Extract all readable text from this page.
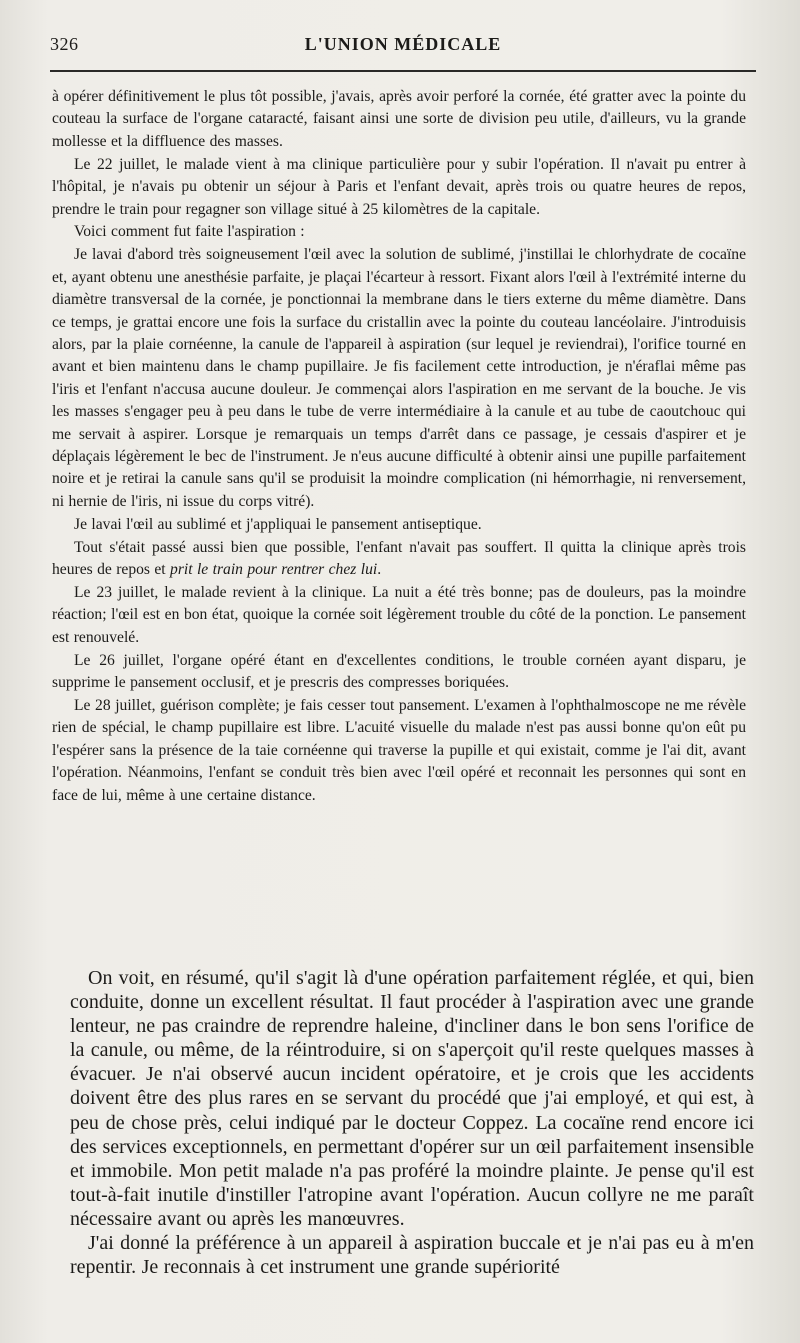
326	L'UNION MÉDICALE

à opérer définitivement le plus tôt possible, j'avais, après avoir perforé la cornée, été gratter avec la pointe du couteau la surface de l'organe cataracté, faisant ainsi une sorte de division peu utile, d'ailleurs, vu la grande mollesse et la diffluence des masses.

Le 22 juillet, le malade vient à ma clinique particulière pour y subir l'opération. Il n'avait pu entrer à l'hôpital, je n'avais pu obtenir un séjour à Paris et l'enfant devait, après trois ou quatre heures de repos, prendre le train pour regagner son village situé à 25 kilomètres de la capitale.

Voici comment fut faite l'aspiration :

Je lavai d'abord très soigneusement l'œil avec la solution de sublimé, j'instillai le chlorhydrate de cocaïne et, ayant obtenu une anesthésie parfaite, je plaçai l'écarteur à ressort. Fixant alors l'œil à l'extrémité interne du diamètre transversal de la cornée, je ponctionnai la membrane dans le tiers externe du même diamètre. Dans ce temps, je grattai encore une fois la surface du cristallin avec la pointe du couteau lancéolaire. J'introduisis alors, par la plaie cornéenne, la canule de l'appareil à aspiration (sur lequel je reviendrai), l'orifice tourné en avant et bien maintenu dans le champ pupillaire. Je fis facilement cette introduction, je n'éraflai même pas l'iris et l'enfant n'accusa aucune douleur. Je commençai alors l'aspiration en me servant de la bouche. Je vis les masses s'engager peu à peu dans le tube de verre intermédiaire à la canule et au tube de caoutchouc qui me servait à aspirer. Lorsque je remarquais un temps d'arrêt dans ce passage, je cessais d'aspirer et je déplaçais légèrement le bec de l'instrument. Je n'eus aucune difficulté à obtenir ainsi une pupille parfaitement noire et je retirai la canule sans qu'il se produisit la moindre complication (ni hémorrhagie, ni renversement, ni hernie de l'iris, ni issue du corps vitré).

Je lavai l'œil au sublimé et j'appliquai le pansement antiseptique.

Tout s'était passé aussi bien que possible, l'enfant n'avait pas souffert. Il quitta la clinique après trois heures de repos et prit le train pour rentrer chez lui.

Le 23 juillet, le malade revient à la clinique. La nuit a été très bonne; pas de douleurs, pas la moindre réaction; l'œil est en bon état, quoique la cornée soit légèrement trouble du côté de la ponction. Le pansement est renouvelé.

Le 26 juillet, l'organe opéré étant en d'excellentes conditions, le trouble cornéen ayant disparu, je supprime le pansement occlusif, et je prescris des compresses boriquées.

Le 28 juillet, guérison complète; je fais cesser tout pansement. L'examen à l'ophthalmoscope ne me révèle rien de spécial, le champ pupillaire est libre. L'acuité visuelle du malade n'est pas aussi bonne qu'on eût pu l'espérer sans la présence de la taie cornéenne qui traverse la pupille et qui existait, comme je l'ai dit, avant l'opération. Néanmoins, l'enfant se conduit très bien avec l'œil opéré et reconnait les personnes qui sont en face de lui, même à une certaine distance.

On voit, en résumé, qu'il s'agit là d'une opération parfaitement réglée, et qui, bien conduite, donne un excellent résultat. Il faut procéder à l'aspiration avec une grande lenteur, ne pas craindre de reprendre haleine, d'incliner dans le bon sens l'orifice de la canule, ou même, de la réintroduire, si on s'aperçoit qu'il reste quelques masses à évacuer. Je n'ai observé aucun incident opératoire, et je crois que les accidents doivent être des plus rares en se servant du procédé que j'ai employé, et qui est, à peu de chose près, celui indiqué par le docteur Coppez. La cocaïne rend encore ici des services exceptionnels, en permettant d'opérer sur un œil parfaitement insensible et immobile. Mon petit malade n'a pas proféré la moindre plainte. Je pense qu'il est tout-à-fait inutile d'instiller l'atropine avant l'opération. Aucun collyre ne me paraît nécessaire avant ou après les manœuvres.

J'ai donné la préférence à un appareil à aspiration buccale et je n'ai pas eu à m'en repentir. Je reconnais à cet instrument une grande supériorité
